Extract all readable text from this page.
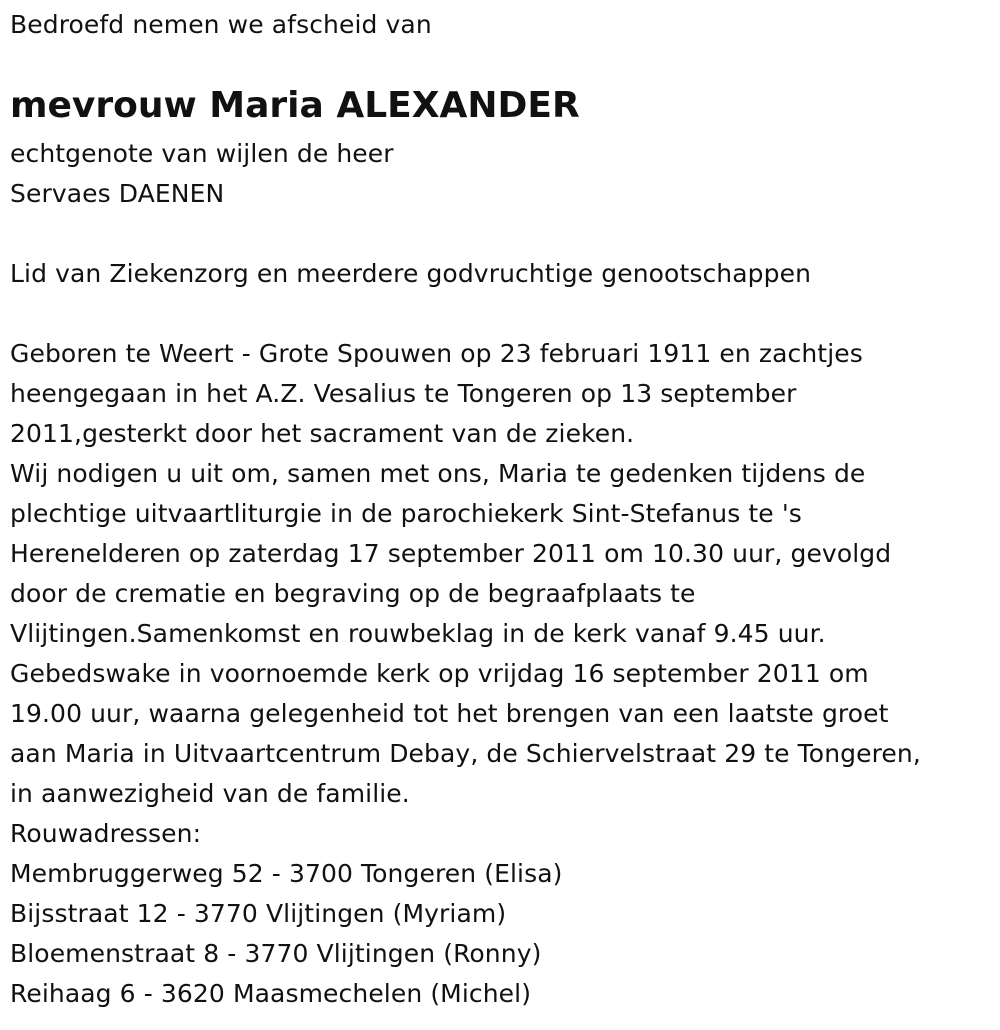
Bedroefd nemen we afscheid van
mevrouw Maria ALEXANDER
echtgenote van wijlen de heer
Servaes DAENEN
Lid van Ziekenzorg en meerdere godvruchtige genootschappen
Geboren te Weert - Grote Spouwen op 23 februari 1911 en zachtjes
heengegaan in het A.Z. Vesalius te Tongeren op 13 september
2011,gesterkt door het sacrament van de zieken.
Wij nodigen u uit om, samen met ons, Maria te gedenken tijdens de
plechtige uitvaartliturgie in de parochiekerk Sint-Stefanus te 's
Herenelderen op zaterdag 17 september 2011 om 10.30 uur, gevolgd
door de crematie en begraving op de begraafplaats te
Vlijtingen.Samenkomst en rouwbeklag in de kerk vanaf 9.45 uur.
Gebedswake in voornoemde kerk op vrijdag 16 september 2011 om
19.00 uur, waarna gelegenheid tot het brengen van een laatste groet
aan Maria in Uitvaartcentrum Debay, de Schiervelstraat 29 te Tongeren,
in aanwezigheid van de familie.
Rouwadressen:
Membruggerweg 52 - 3700 Tongeren (Elisa)
Bijsstraat 12 - 3770 Vlijtingen (Myriam)
Bloemenstraat 8 - 3770 Vlijtingen (Ronny)
Reihaag 6 - 3620 Maasmechelen (Michel)
